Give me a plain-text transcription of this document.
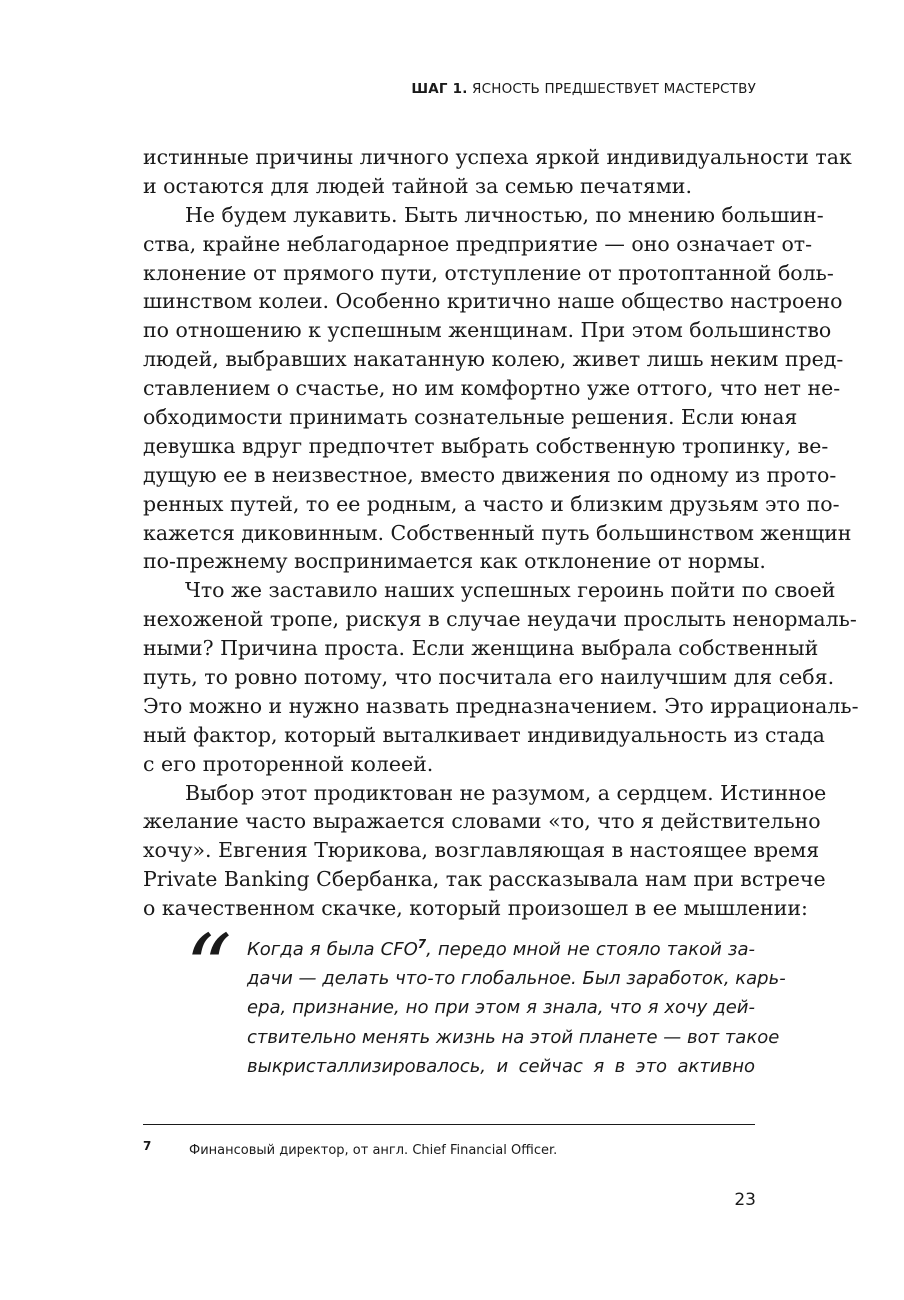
ШАГ 1. ЯСНОСТЬ ПРЕДШЕСТВУЕТ МАСТЕРСТВУ
истинные причины личного успеха яркой индивидуальности так
и остаются для людей тайной за семью печатями.
Не будем лукавить. Быть личностью, по мнению большин-
ства, крайне неблагодарное предприятие — оно означает от-
клонение от прямого пути, отступление от протоптанной боль-
шинством колеи. Особенно критично наше общество настроено
по отношению к успешным женщинам. При этом большинство
людей, выбравших накатанную колею, живет лишь неким пред-
ставлением о счастье, но им комфортно уже оттого, что нет не-
обходимости принимать сознательные решения. Если юная
девушка вдруг предпочтет выбрать собственную тропинку, ве-
дущую ее в неизвестное, вместо движения по одному из прото-
ренных путей, то ее родным, а часто и близким друзьям это по-
кажется диковинным. Собственный путь большинством женщин
по-прежнему воспринимается как отклонение от нормы.
Что же заставило наших успешных героинь пойти по своей
нехоженой тропе, рискуя в случае неудачи прослыть ненормаль-
ными? Причина проста. Если женщина выбрала собственный
путь, то ровно потому, что посчитала его наилучшим для себя.
Это можно и нужно назвать предназначением. Это иррациональ-
ный фактор, который выталкивает индивидуальность из стада
с его проторенной колеей.
Выбор этот продиктован не разумом, а сердцем. Истинное
желание часто выражается словами «то, что я действительно
хочу». Евгения Тюрикова, возглавляющая в настоящее время
Private Banking Сбербанка, так рассказывала нам при встрече
о качественном скачке, который произошел в ее мышлении:
“ Когда я была CFO$^7$, передо мной не стояло такой за-
дачи — делать что-то глобальное. Был заработок, карь-
ера, признание, но при этом я знала, что я хочу дей-
ствительно менять жизнь на этой планете — вот такое
выкристаллизировалось, и сейчас я в это активно
7	Финансовый директор, от англ. Chief Financial Officer.
23
